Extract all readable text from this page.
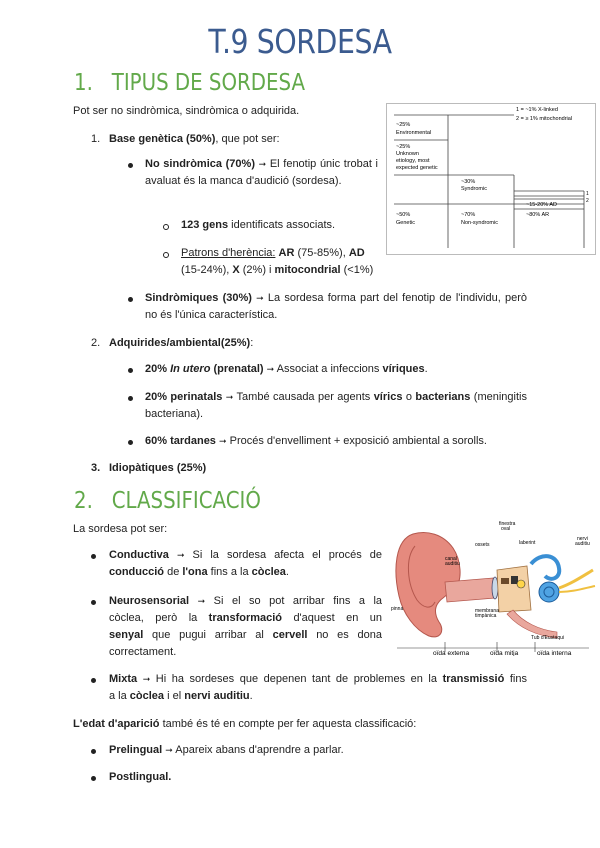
T.9 SORDESA
1. TIPUS DE SORDESA
Pot ser no sindròmica, sindròmica o adquirida.
1. Base genètica (50%), que pot ser:
No sindròmica (70%) ➞ El fenotip únic trobat i avaluat és la manca d'audició (sordesa).
123 gens identificats associats.
Patrons d'herència: AR (75-85%), AD (15-24%), X (2%) i mitocondrial (<1%)
Sindròmiques (30%) ➞ La sordesa forma part del fenotip de l'individu, però no és l'única característica.
2. Adquirides/ambiental(25%):
20% In utero (prenatal) ➞ Associat a infeccions víriques.
20% perinatals ➞ També causada per agents vírics o bacterians (meningitis bacteriana).
60% tardanes ➞ Procés d'envelliment + exposició ambiental a sorolls.
3. Idiopàtiques (25%)
1 = ~1% X-linked
2 = ≥ 1% mitochondrial
~25%
Environmental
~25%
Unknown
etiology, most
expected genetic
~50%
Genetic
~30%
Syndromic
~70%
Non-syndromic
~15-20% AD
~80% AR
1
2
2. CLASSIFICACIÓ
La sordesa pot ser:
Conductiva ➞ Si la sordesa afecta el procés de
conducció de l'ona fins a la còclea.
Neurosensorial ➞ Si el so pot arribar fins a la
còclea, però la transformació d'aquest en un
senyal que pugui arribar al cervell no es dona
correctament.
Mixta ➞ Hi ha sordeses que depenen tant de problemes en la transmissió fins
a la còclea i el nervi auditiu.
L'edat d'aparició també és té en compte per fer aquesta classificació:
Prelingual ➞ Apareix abans d'aprendre a parlar.
Postlingual.
finestra
oval
ossets	laberint
nervi
auditiu
canal
auditiu
pinna	membrana
timpànica
Tub d'Eustaqui
oïda externa	oïda mitja	oïda interna
